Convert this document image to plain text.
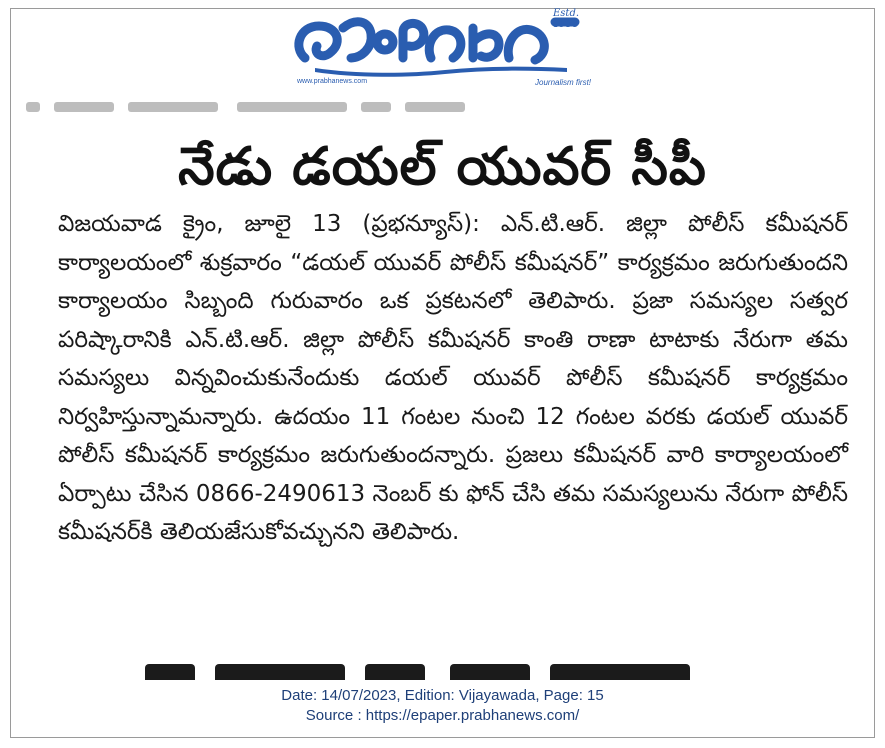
Estd. 1938
www.prabhanews.com	Journalism first!

నేడు డయల్ యువర్ సీపీ

విజయవాడ క్రైం, జూలై 13 (ప్రభన్యూస్): ఎన్.టి.ఆర్. జిల్లా పోలీస్ కమీషనర్ కార్యాలయంలో శుక్రవారం “డయల్ యువర్ పోలీస్ కమీషనర్” కార్యక్రమం జరుగుతుందని కార్యాలయం సిబ్బంది గురువారం ఒక ప్రకటనలో తెలిపారు. ప్రజా సమస్యల సత్వర పరిష్కారానికి ఎన్.టి.ఆర్. జిల్లా పోలీస్ కమీషనర్ కాంతి రాణా టాటాకు నేరుగా తమ సమస్యలు విన్నవించుకునేందుకు డయల్ యువర్ పోలీస్ కమీషనర్ కార్యక్రమం నిర్వహిస్తున్నామన్నారు. ఉదయం 11 గంటల నుంచి 12 గంటల వరకు డయల్ యువర్ పోలీస్ కమీషనర్ కార్యక్రమం జరుగుతుందన్నారు. ప్రజలు కమీషనర్ వారి కార్యాలయంలో ఏర్పాటు చేసిన 0866-2490613 నెంబర్ కు ఫోన్ చేసి తమ సమస్యలును నేరుగా పోలీస్ కమీషనర్‌కి తెలియజేసుకోవచ్చునని తెలిపారు.

Date: 14/07/2023, Edition: Vijayawada, Page: 15
Source : https://epaper.prabhanews.com/
